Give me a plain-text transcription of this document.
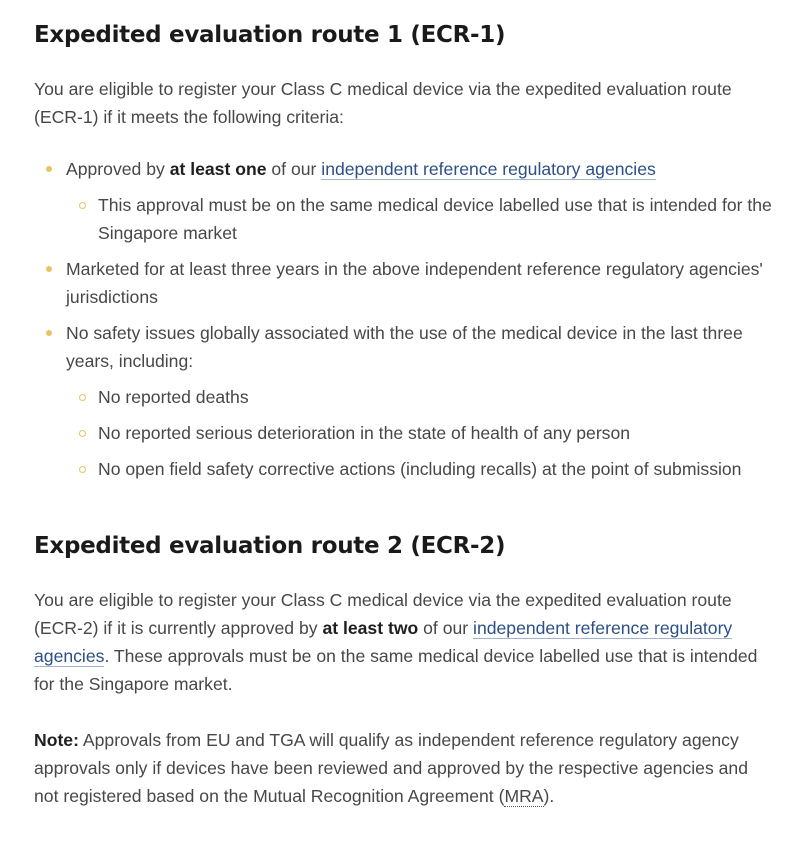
Expedited evaluation route 1 (ECR-1)

You are eligible to register your Class C medical device via the expedited evaluation route (ECR-1) if it meets the following criteria:

Approved by at least one of our independent reference regulatory agencies
This approval must be on the same medical device labelled use that is intended for the Singapore market
Marketed for at least three years in the above independent reference regulatory agencies' jurisdictions
No safety issues globally associated with the use of the medical device in the last three years, including:
No reported deaths
No reported serious deterioration in the state of health of any person
No open field safety corrective actions (including recalls) at the point of submission
Expedited evaluation route 2 (ECR-2)

You are eligible to register your Class C medical device via the expedited evaluation route (ECR-2) if it is currently approved by at least two of our independent reference regulatory agencies. These approvals must be on the same medical device labelled use that is intended for the Singapore market.

Note: Approvals from EU and TGA will qualify as independent reference regulatory agency approvals only if devices have been reviewed and approved by the respective agencies and not registered based on the Mutual Recognition Agreement (MRA).
